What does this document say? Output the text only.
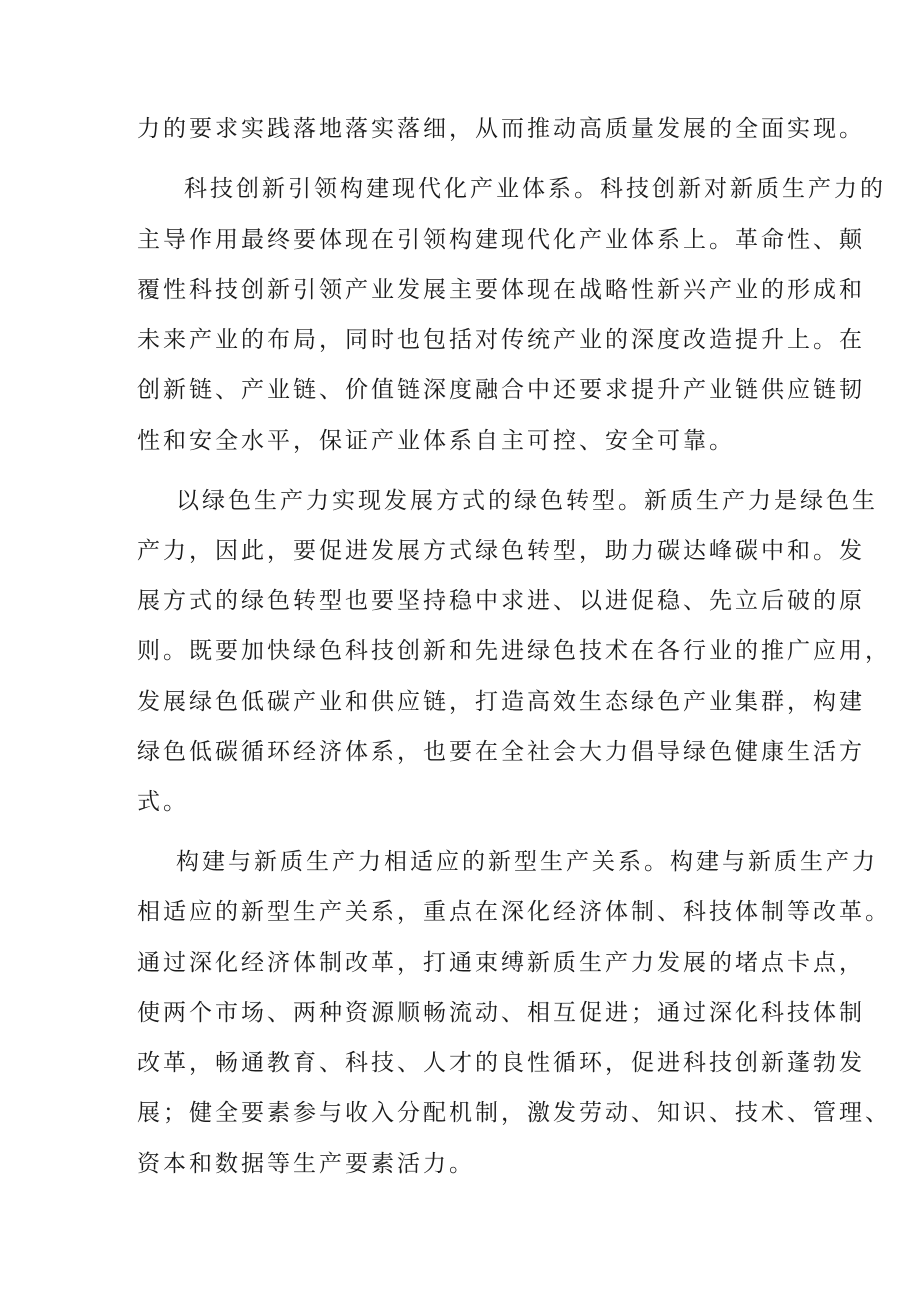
力的要求实践落地落实落细，从而推动高质量发展的全面实现。

科技创新引领构建现代化产业体系。科技创新对新质生产力的

主导作用最终要体现在引领构建现代化产业体系上。革命性、颠

覆性科技创新引领产业发展主要体现在战略性新兴产业的形成和

未来产业的布局，同时也包括对传统产业的深度改造提升上。在

创新链、产业链、价值链深度融合中还要求提升产业链供应链韧

性和安全水平，保证产业体系自主可控、安全可靠。

以绿色生产力实现发展方式的绿色转型。新质生产力是绿色生

产力，因此，要促进发展方式绿色转型，助力碳达峰碳中和。发

展方式的绿色转型也要坚持稳中求进、以进促稳、先立后破的原

则。既要加快绿色科技创新和先进绿色技术在各行业的推广应用，

发展绿色低碳产业和供应链，打造高效生态绿色产业集群，构建

绿色低碳循环经济体系，也要在全社会大力倡导绿色健康生活方

式。

构建与新质生产力相适应的新型生产关系。构建与新质生产力

相适应的新型生产关系，重点在深化经济体制、科技体制等改革。

通过深化经济体制改革，打通束缚新质生产力发展的堵点卡点，

使两个市场、两种资源顺畅流动、相互促进；通过深化科技体制

改革，畅通教育、科技、人才的良性循环，促进科技创新蓬勃发

展；健全要素参与收入分配机制，激发劳动、知识、技术、管理、

资本和数据等生产要素活力。
